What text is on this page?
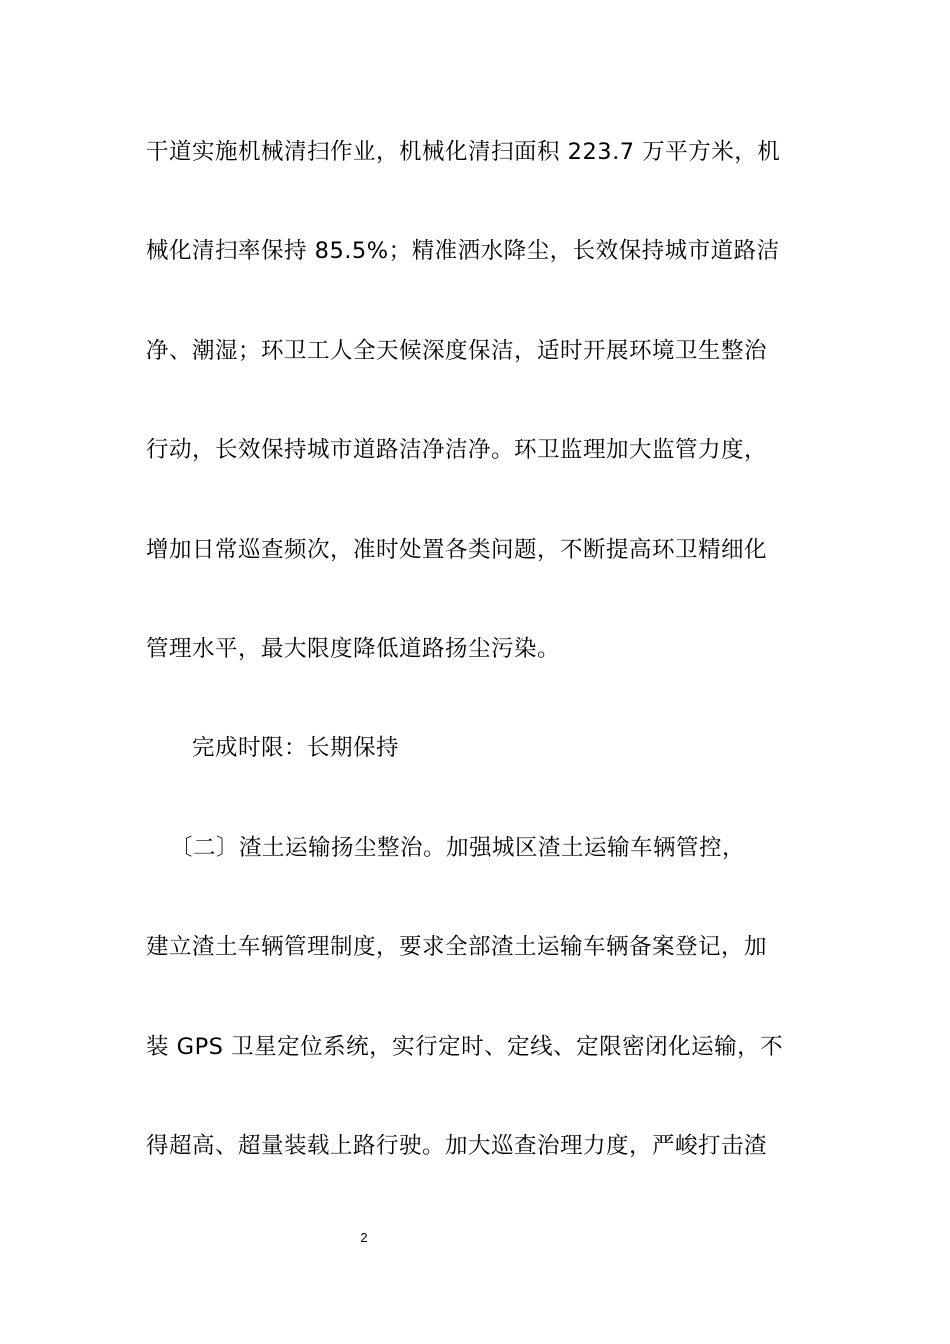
干道实施机械清扫作业，机械化清扫面积 223.7 万平方米，机
械化清扫率保持 85.5%；精准洒水降尘，长效保持城市道路洁
净、潮湿；环卫工人全天候深度保洁，适时开展环境卫生整治
行动，长效保持城市道路洁净洁净。环卫监理加大监管力度，
增加日常巡查频次，准时处置各类问题，不断提高环卫精细化
管理水平，最大限度降低道路扬尘污染。
完成时限：长期保持
〔二〕渣土运输扬尘整治。加强城区渣土运输车辆管控，
建立渣土车辆管理制度，要求全部渣土运输车辆备案登记，加
装 GPS 卫星定位系统，实行定时、定线、定限密闭化运输，不
得超高、超量装载上路行驶。加大巡查治理力度，严峻打击渣
2
